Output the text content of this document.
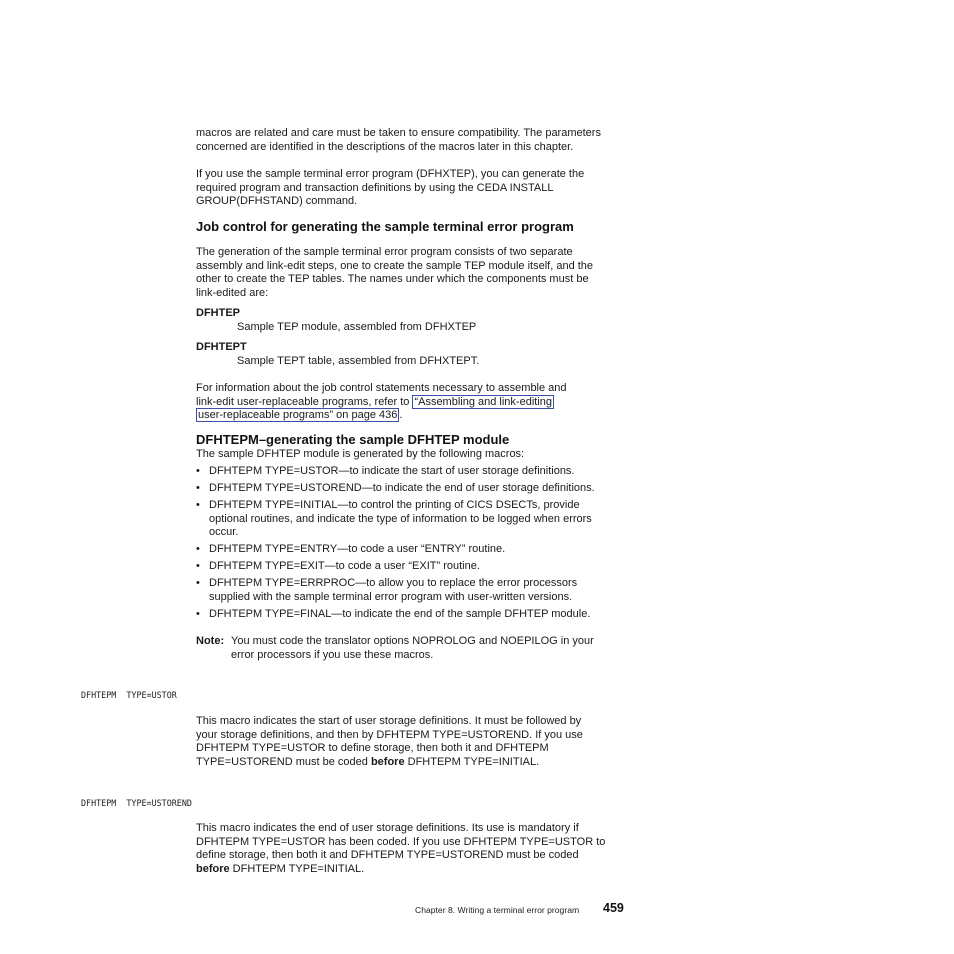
macros are related and care must be taken to ensure compatibility. The parameters
concerned are identified in the descriptions of the macros later in this chapter.
If you use the sample terminal error program (DFHXTEP), you can generate the
required program and transaction definitions by using the CEDA INSTALL
GROUP(DFHSTAND) command.
Job control for generating the sample terminal error program
The generation of the sample terminal error program consists of two separate
assembly and link-edit steps, one to create the sample TEP module itself, and the
other to create the TEP tables. The names under which the components must be
link-edited are:
DFHTEP
Sample TEP module, assembled from DFHXTEP
DFHTEPT
Sample TEPT table, assembled from DFHXTEPT.
For information about the job control statements necessary to assemble and
link-edit user-replaceable programs, refer to “Assembling and link-editing
user-replaceable programs” on page 436 .
DFHTEPM–generating the sample DFHTEP module
The sample DFHTEP module is generated by the following macros:
• DFHTEPM TYPE=USTOR—to indicate the start of user storage definitions.
• DFHTEPM TYPE=USTOREND—to indicate the end of user storage definitions.
• DFHTEPM TYPE=INITIAL—to control the printing of CICS DSECTs, provide
optional routines, and indicate the type of information to be logged when errors
occur.
• DFHTEPM TYPE=ENTRY—to code a user “ENTRY” routine.
• DFHTEPM TYPE=EXIT—to code a user “EXIT” routine.
• DFHTEPM TYPE=ERRPROC—to allow you to replace the error processors
supplied with the sample terminal error program with user-written versions.
• DFHTEPM TYPE=FINAL—to indicate the end of the sample DFHTEP module.
Note: You must code the translator options NOPROLOG and NOEPILOG in your
error processors if you use these macros.
DFHTEPM  TYPE=USTOR
This macro indicates the start of user storage definitions. It must be followed by
your storage definitions, and then by DFHTEPM TYPE=USTOREND. If you use
DFHTEPM TYPE=USTOR to define storage, then both it and DFHTEPM
TYPE=USTOREND must be coded before DFHTEPM TYPE=INITIAL.
DFHTEPM  TYPE=USTOREND
This macro indicates the end of user storage definitions. Its use is mandatory if
DFHTEPM TYPE=USTOR has been coded. If you use DFHTEPM TYPE=USTOR to
define storage, then both it and DFHTEPM TYPE=USTOREND must be coded
before DFHTEPM TYPE=INITIAL.
Chapter 8. Writing a terminal error program 459
